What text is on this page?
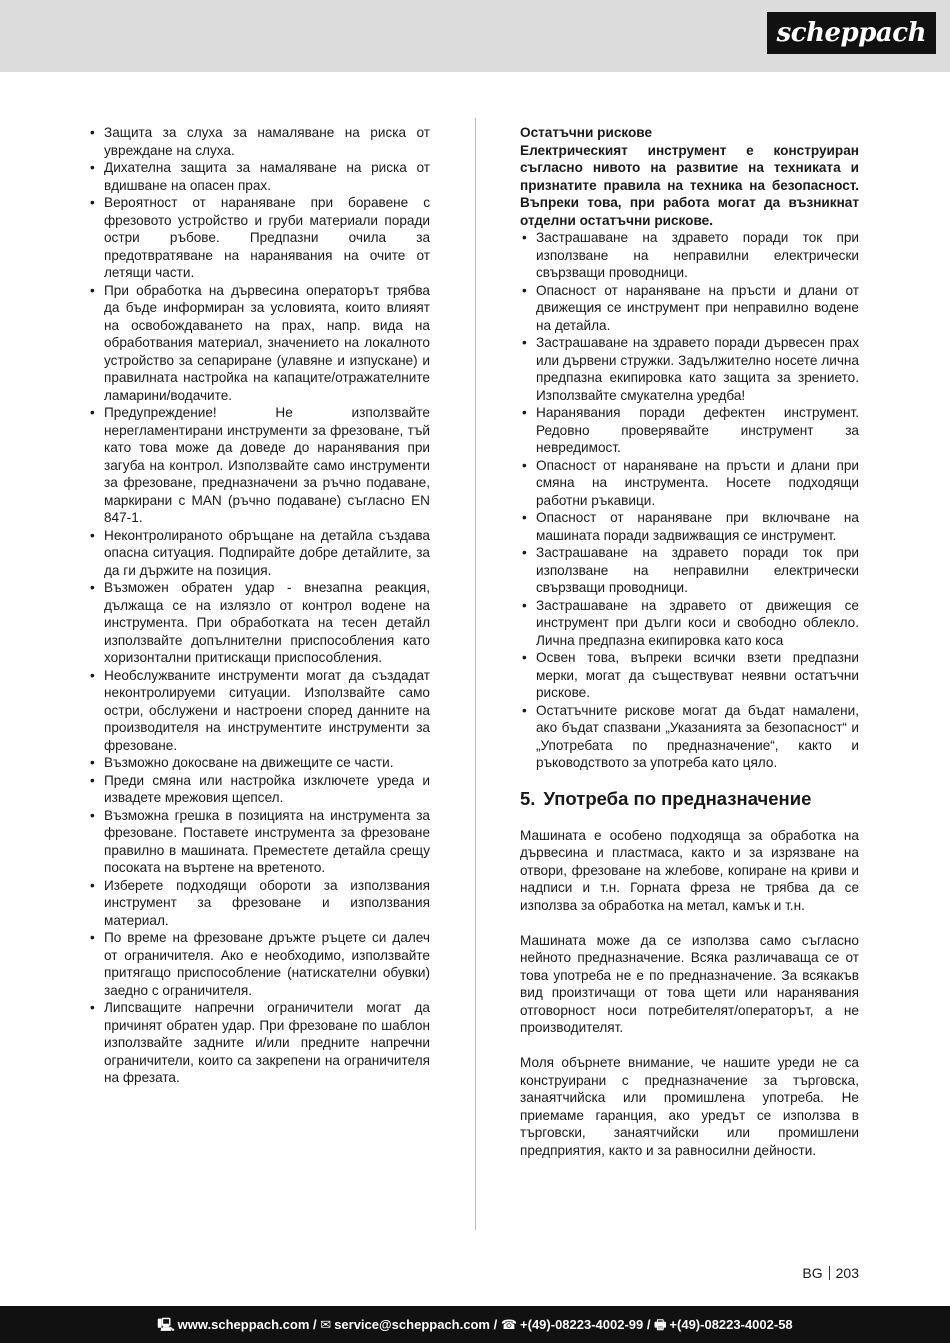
scheppach
• Защита за слуха за намаляване на риска от увреждане на слуха.
• Дихателна защита за намаляване на риска от вдишване на опасен прах.
• Вероятност от нараняване при боравене с фрезовото устройство и груби материали поради остри ръбове. Предпазни очила за предотвратяване на наранявания на очите от летящи части.
• При обработка на дървесина операторът трябва да бъде информиран за условията, които влияят на освобождаването на прах, напр. вида на обработвания материал, значението на локалното устройство за сепариране (улавяне и изпускане) и правилната настройка на капаците/отражателните ламарини/водачите.
• Предупреждение! Не използвайте нерегламентирани инструменти за фрезоване, тъй като това може да доведе до наранявания при загуба на контрол. Използвайте само инструменти за фрезоване, предназначени за ръчно подаване, маркирани с MAN (ръчно подаване) съгласно EN 847-1.
• Неконтролираното обръщане на детайла създава опасна ситуация. Подпирайте добре детайлите, за да ги държите на позиция.
• Възможен обратен удар - внезапна реакция, дължаща се на излязло от контрол водене на инструмента. При обработката на тесен детайл използвайте допълнителни приспособления като хоризонтални притискащи приспособления.
• Необслужваните инструменти могат да създадат неконтролируеми ситуации. Използвайте само остри, обслужени и настроени според данните на производителя на инструментите инструменти за фрезоване.
• Възможно докосване на движещите се части.
• Преди смяна или настройка изключете уреда и извадете мрежовия щепсел.
• Възможна грешка в позицията на инструмента за фрезоване. Поставете инструмента за фрезоване правилно в машината. Преместете детайла срещу посоката на въртене на врeтеното.
• Изберете подходящи обороти за използвания инструмент за фрезоване и използвания материал.
• По време на фрезоване дръжте ръцете си далеч от ограничителя. Ако е необходимо, използвайте притягащо приспособление (натискателни обувки) заедно с ограничителя.
• Липсващите напречни ограничители могат да причинят обратен удар. При фрезоване по шаблон използвайте задните и/или предните напречни ограничители, които са закрепени на ограничителя на фрезата.
Остатъчни рискове
Електрическият инструмент е конструиран съгласно нивото на развитие на техниката и признатите правила на техника на безопасност. Въпреки това, при работа могат да възникнат отделни остатъчни рискове.
• Застрашаване на здравето поради ток при използване на неправилни електрически свързващи проводници.
• Опасност от нараняване на пръсти и длани от движещия се инструмент при неправилно водене на детайла.
• Застрашаване на здравето поради дървесен прах или дървени стружки. Задължително носете лична предпазна екипировка като защита за зрението. Използвайте смукателна уредба!
• Наранявания поради дефектен инструмент. Редовно проверявайте инструмент за невредимост.
• Опасност от нараняване на пръсти и длани при смяна на инструмента. Носете подходящи работни ръкавици.
• Опасност от нараняване при включване на машината поради задвижващия се инструмент.
• Застрашаване на здравето поради ток при използване на неправилни електрически свързващи проводници.
• Застрашаване на здравето от движещия се инструмент при дълги коси и свободно облекло. Лична предпазна екипировка като коса
• Освен това, въпреки всички взети предпазни мерки, могат да съществуват неявни остатъчни рискове.
• Остатъчните рискове могат да бъдат намалени, ако бъдат спазвани „Указанията за безопасност“ и „Употребата по предназначение“, както и ръководството за употреба като цяло.
5. Употреба по предназначение

Машината е особено подходяща за обработка на дървесина и пластмаса, както и за изрязване на отвори, фрезоване на жлебове, копиране на криви и надписи и т.н. Горната фреза не трябва да се използва за обработка на метал, камък и т.н.

Машината може да се използва само съгласно нейното предназначение. Всяка различаваща се от това употреба не е по предназначение. За всякакъв вид произтичащи от това щети или наранявания отговорност носи потребителят/операторът, а не производителят.

Моля обърнете внимание, че нашите уреди не са конструирани с предназначение за търговска, занаятчийска или промишлена употреба. Не приемаме гаранция, ако уредът се използва в търговски, занаятчийски или промишлени предприятия, както и за равносилни дейности.

BG 203
🖳 www.scheppach.com / ✉ service@scheppach.com / ☎ +(49)-08223-4002-99 / 🖶 +(49)-08223-4002-58
